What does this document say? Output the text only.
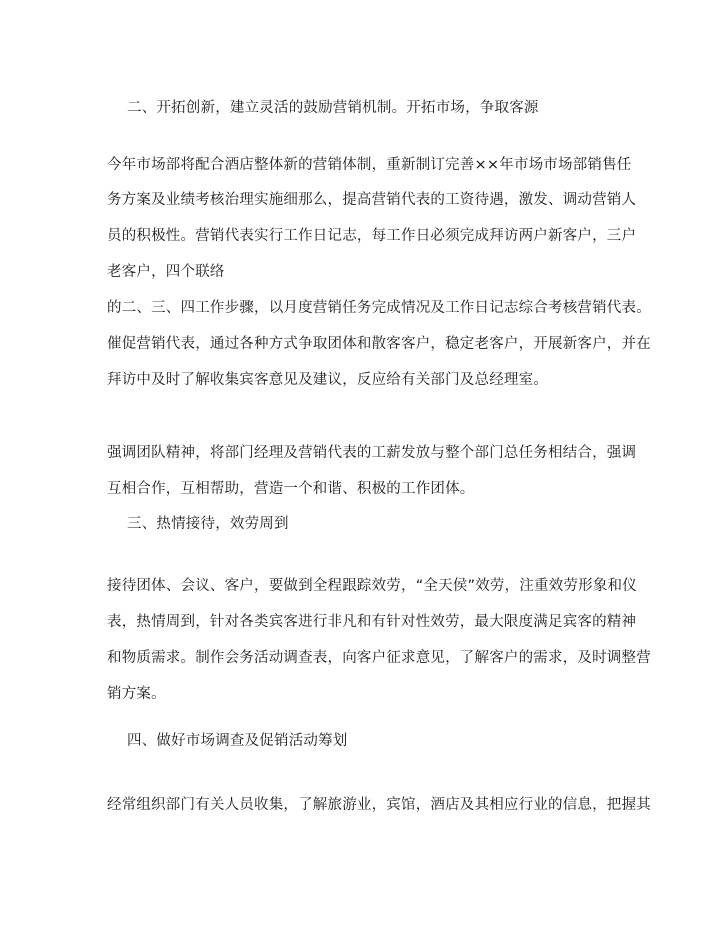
二、开拓创新，建立灵活的鼓励营销机制。开拓市场，争取客源
今年市场部将配合酒店整体新的营销体制，重新制订完善××年市场市场部销售任
务方案及业绩考核治理实施细那么，提高营销代表的工资待遇，激发、调动营销人
员的积极性。营销代表实行工作日记志，每工作日必须完成拜访两户新客户，三户
老客户，四个联络
的二、三、四工作步骤，以月度营销任务完成情况及工作日记志综合考核营销代表。
催促营销代表，通过各种方式争取团体和散客客户，稳定老客户，开展新客户，并在
拜访中及时了解收集宾客意见及建议，反应给有关部门及总经理室。
强调团队精神，将部门经理及营销代表的工薪发放与整个部门总任务相结合，强调
互相合作，互相帮助，营造一个和谐、积极的工作团体。
三、热情接待，效劳周到
接待团体、会议、客户，要做到全程跟踪效劳，“全天侯”效劳，注重效劳形象和仪
表，热情周到，针对各类宾客进行非凡和有针对性效劳，最大限度满足宾客的精神
和物质需求。制作会务活动调查表，向客户征求意见，了解客户的需求，及时调整营
销方案。
四、做好市场调查及促销活动筹划
经常组织部门有关人员收集，了解旅游业，宾馆，酒店及其相应行业的信息，把握其
